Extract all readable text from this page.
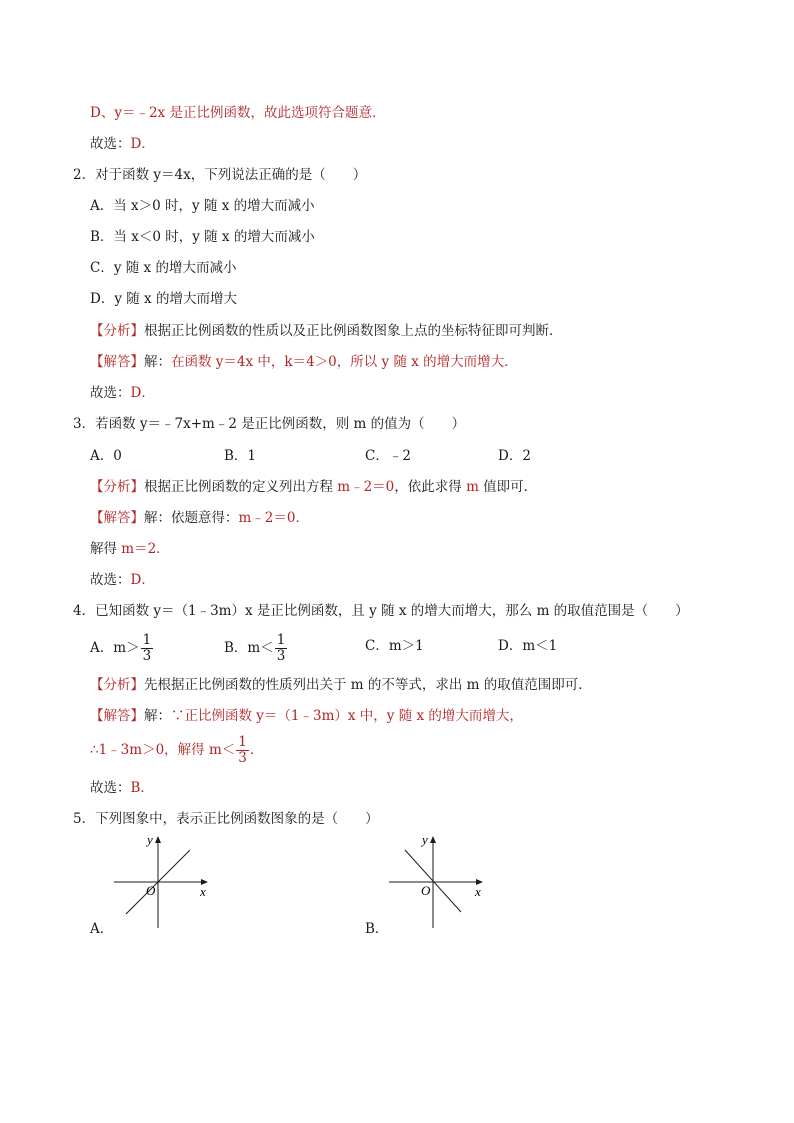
D、y＝﹣2x 是正比例函数，故此选项符合题意．
故选：D．
2．对于函数 y＝4x，下列说法正确的是（　　）
A．当 x＞0 时，y 随 x 的增大而减小
B．当 x＜0 时，y 随 x 的增大而减小
C．y 随 x 的增大而减小
D．y 随 x 的增大而增大
【分析】根据正比例函数的性质以及正比例函数图象上点的坐标特征即可判断．
【解答】解：在函数 y＝4x 中，k＝4＞0，所以 y 随 x 的增大而增大．
故选：D．
3．若函数 y＝﹣7x+m﹣2 是正比例函数，则 m 的值为（　　）
A．0	B．1	C．﹣2	D．2
【分析】根据正比例函数的定义列出方程 m﹣2＝0，依此求得 m 值即可．
【解答】解：依题意得：m﹣2＝0．
解得 m＝2．
故选：D．
4．已知函数 y＝（1﹣3m）x 是正比例函数，且 y 随 x 的增大而增大，那么 m 的取值范围是（　　）
A．$m> \frac{1}{3}$	B．$m< \frac{1}{3}$	C．m＞1	D．m＜1
【分析】先根据正比例函数的性质列出关于 m 的不等式，求出 m 的取值范围即可．
【解答】解：∵正比例函数 y＝（1﹣3m）x 中，y 随 x 的增大而增大，
∴1﹣3m＞0，解得 $m< \frac{1}{3}$ ．
故选：B．
5．下列图象中，表示正比例函数图象的是（　　）
y
x
O
A．
y
x
O
B．
